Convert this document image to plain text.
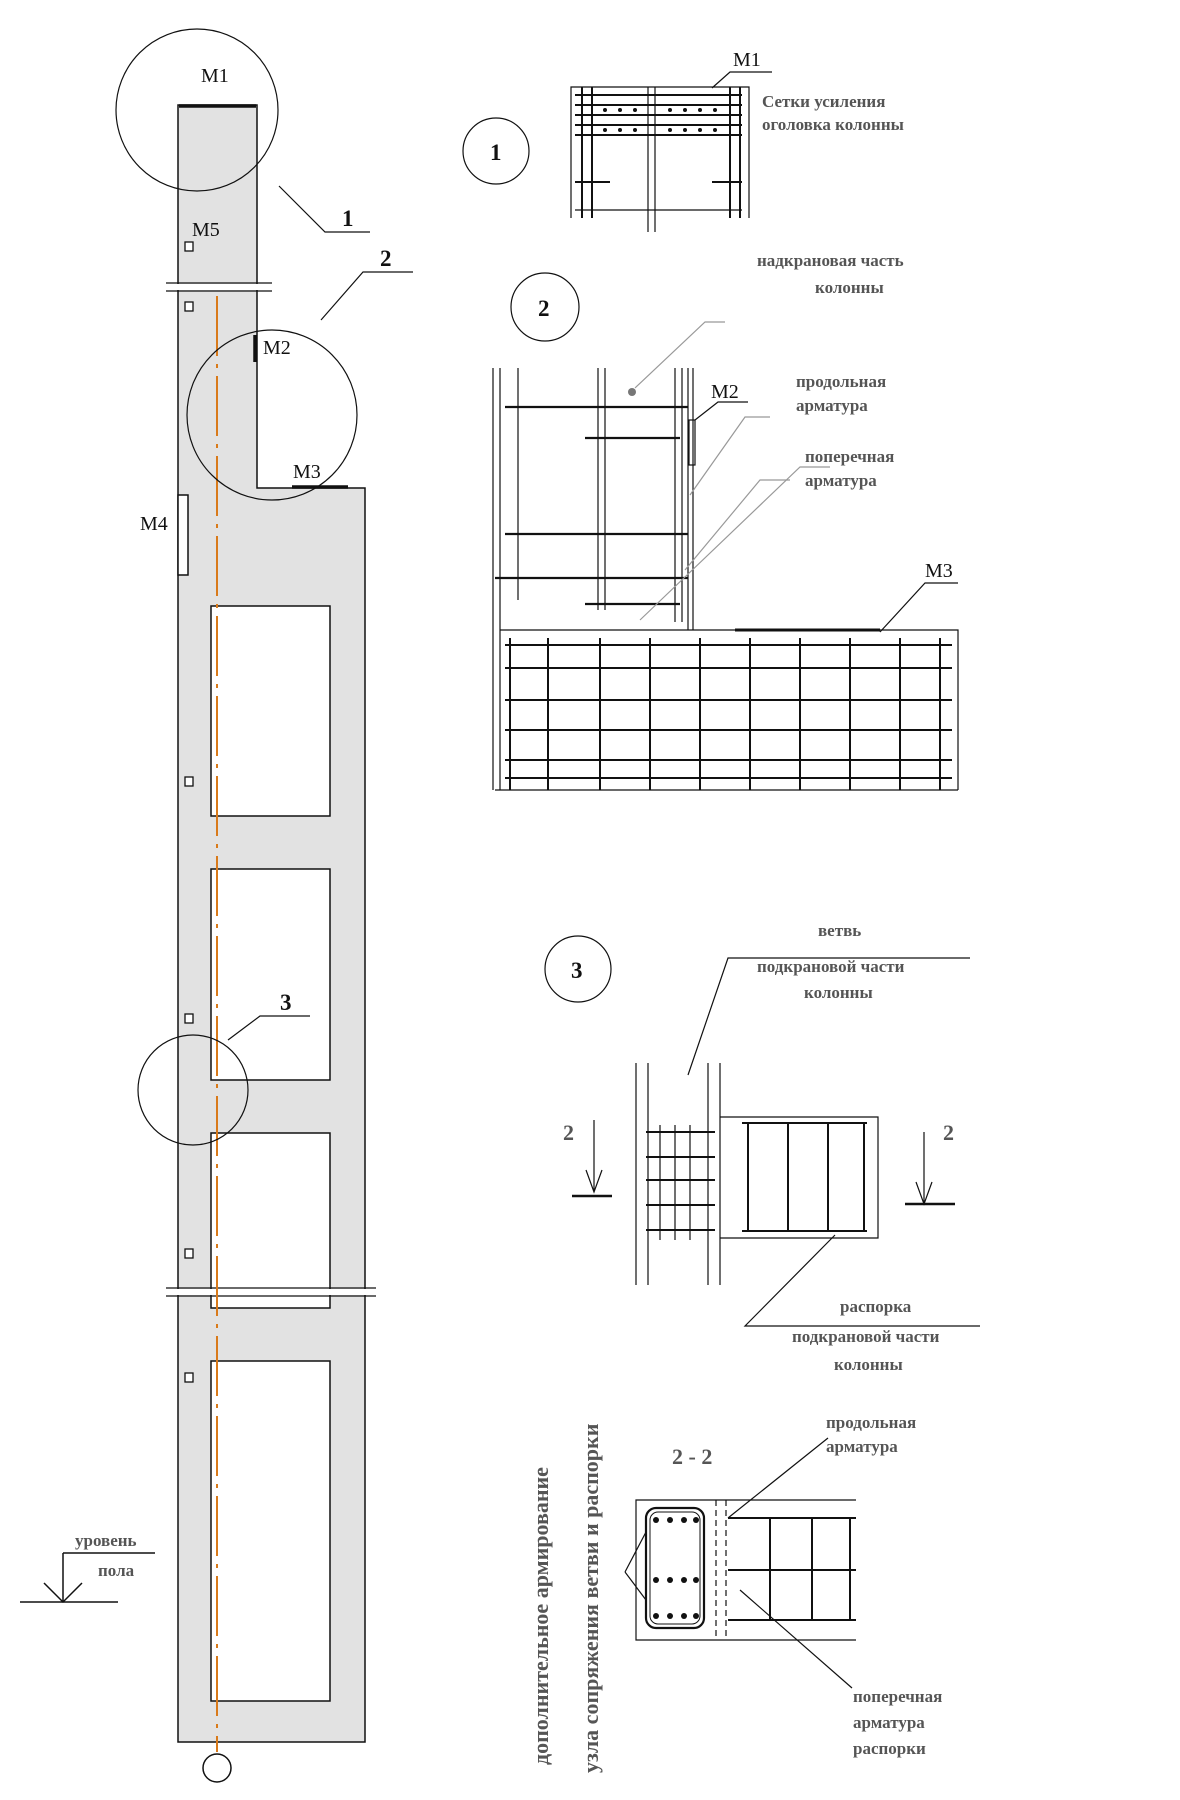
М1
М5
М2
М3
М4
1
2
3
уровень
пола
1
М1
Сетки усиления
оголовка колонны
2
надкрановая часть
колонны
М2	продольная
арматура
поперечная
арматура
М3
3
ветвь
подкрановой части
колонны
2	2
распорка
подкрановой части
колонны
дополнительное армирование узла сопряжения ветви и распорки	2 - 2
продольная
арматура
поперечная
арматура
распорки
